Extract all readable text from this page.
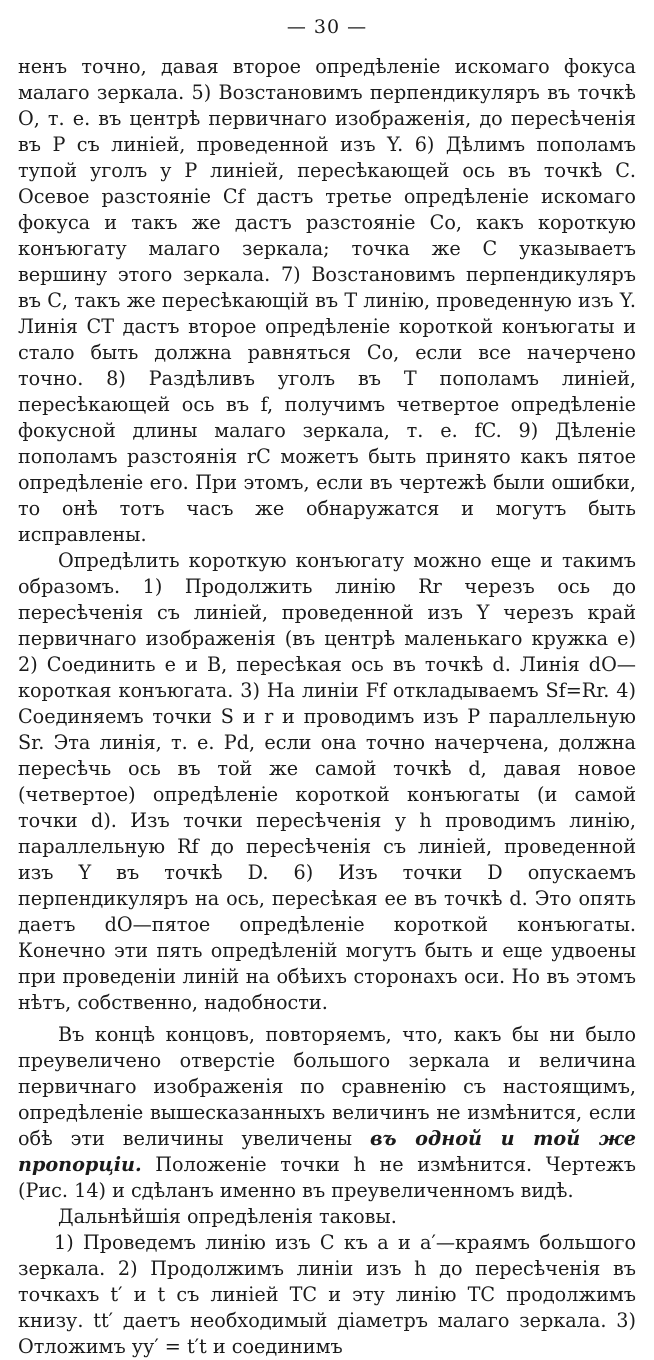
— 30 —

ненъ точно, давая второе опредѣленіе искомаго фокуса малаго зеркала. 5) Возстановимъ перпендикуляръ въ точкѣ О, т. е. въ центрѣ первичнаго изображенія, до пересѣченія въ Р съ линіей, проведенной изъ Y. 6) Дѣлимъ пополамъ тупой уголъ у Р линіей, пересѣкающей ось въ точкѣ С. Осевое разстояніе Сf дастъ третье опредѣленіе искомаго фокуса и такъ же дастъ разстояніе Со, какъ короткую конъюгату малаго зеркала; точка же С указываетъ вершину этого зеркала. 7) Возстановимъ перпендикуляръ въ С, такъ же пересѣкающій въ Т линію, проведенную изъ Y. Линія СТ дастъ второе опредѣленіе короткой конъюгаты и стало быть должна равняться Со, если все начерчено точно. 8) Раздѣливъ уголъ въ Т пополамъ линіей, пересѣкающей ось въ f, получимъ четвертое опредѣленіе фокусной длины малаго зеркала, т. е. fC. 9) Дѣленіе пополамъ разстоянія rС можетъ быть принято какъ пятое опредѣленіе его. При этомъ, если въ чертежѣ были ошибки, то онѣ тотъ часъ же обнаружатся и могутъ быть исправлены.

Опредѣлить короткую конъюгату можно еще и такимъ образомъ. 1) Продолжить линію Rr черезъ ось до пересѣченія съ линіей, проведенной изъ Y черезъ край первичнаго изображенія (въ центрѣ маленькаго кружка е) 2) Соединить е и В, пересѣкая ось въ точкѣ d. Линія dO—короткая конъюгата. 3) На линіи Ff откладываемъ Sf=Rr. 4) Соединяемъ точки S и r и проводимъ изъ Р параллельную Sr. Эта линія, т. е. Pd, если она точно начерчена, должна пересѣчь ось въ той же самой точкѣ d, давая новое (четвертое) опредѣленіе короткой конъюгаты (и самой точки d). Изъ точки пересѣченія у h проводимъ линію, параллельную Rf до пересѣченія съ линіей, проведенной изъ Y въ точкѣ D. 6) Изъ точки D опускаемъ перпендикуляръ на ось, пересѣкая ее въ точкѣ d. Это опять даетъ dO—пятое опредѣленіе короткой конъюгаты. Конечно эти пять опредѣленій могутъ быть и еще удвоены при проведеніи линій на обѣихъ сторонахъ оси. Но въ этомъ нѣтъ, собственно, надобности.

Въ концѣ концовъ, повторяемъ, что, какъ бы ни было преувеличено отверстіе большого зеркала и величина первичнаго изображенія по сравненію съ настоящимъ, опредѣленіе вышесказанныхъ величинъ не измѣнится, если обѣ эти величины увеличены въ одной и той же пропорціи. Положеніе точки h не измѣнится. Чертежъ (Рис. 14) и сдѣланъ именно въ преувеличенномъ видѣ.

Дальнѣйшія опредѣленія таковы.

1) Проведемъ линію изъ С къ а и а′—краямъ большого зеркала. 2) Продолжимъ линіи изъ h до пересѣченія въ точкахъ t′ и t съ линіей ТС и эту линію ТС продолжимъ книзу. tt′ даетъ необходимый діаметръ малаго зеркала. 3) Отложимъ уу′ = t′t и соединимъ
